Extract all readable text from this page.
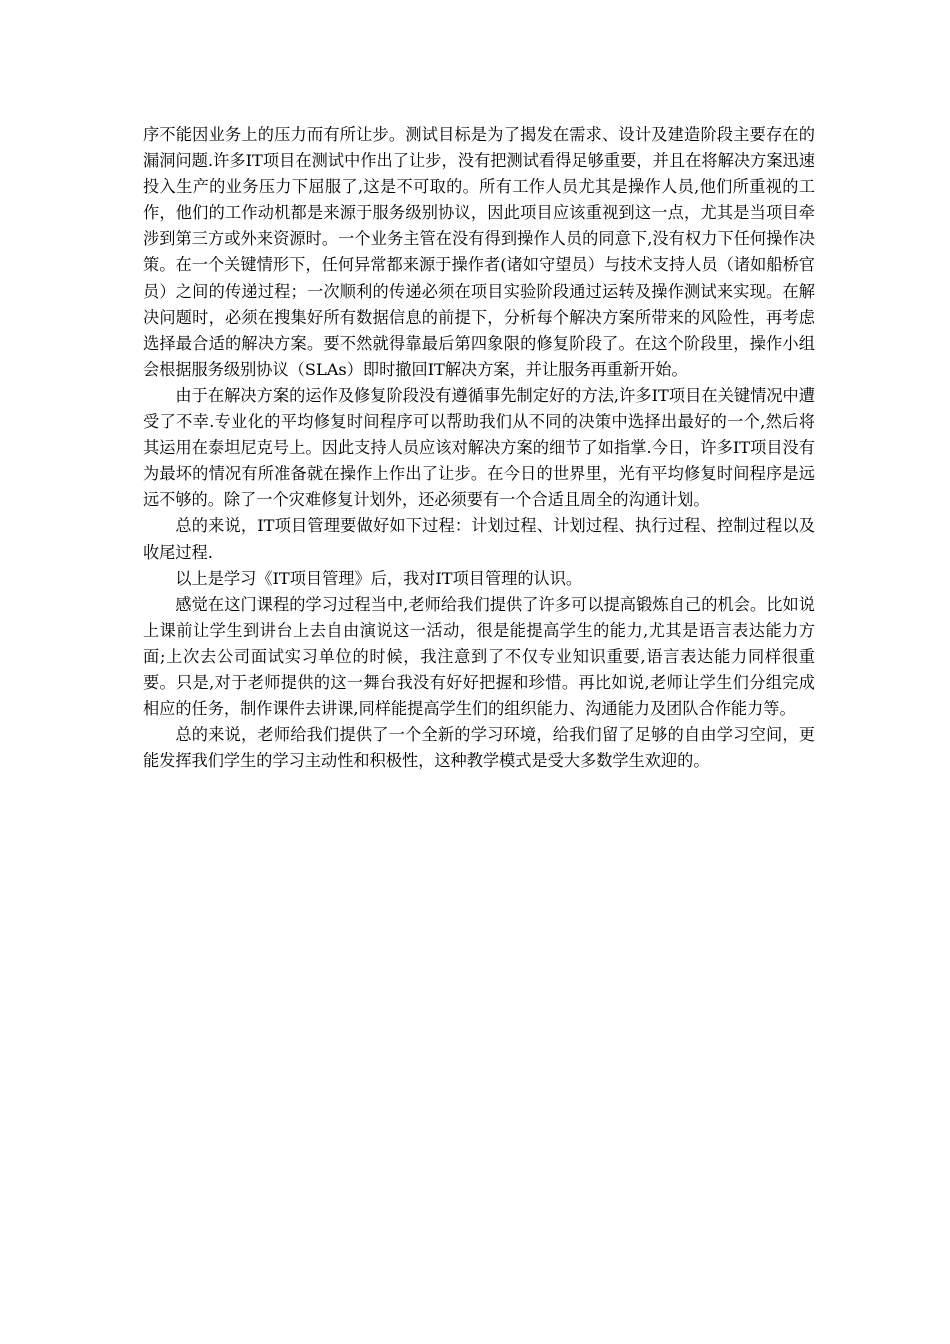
序不能因业务上的压力而有所让步。测试目标是为了揭发在需求、设计及建造阶段主要存在的漏洞问题.许多IT项目在测试中作出了让步，没有把测试看得足够重要，并且在将解决方案迅速投入生产的业务压力下屈服了,这是不可取的。所有工作人员尤其是操作人员,他们所重视的工作，他们的工作动机都是来源于服务级别协议，因此项目应该重视到这一点，尤其是当项目牵涉到第三方或外来资源时。一个业务主管在没有得到操作人员的同意下,没有权力下任何操作决策。在一个关键情形下，任何异常都来源于操作者(诸如守望员）与技术支持人员（诸如船桥官员）之间的传递过程；一次顺利的传递必须在项目实验阶段通过运转及操作测试来实现。在解决问题时，必须在搜集好所有数据信息的前提下，分析每个解决方案所带来的风险性，再考虑选择最合适的解决方案。要不然就得靠最后第四象限的修复阶段了。在这个阶段里，操作小组会根据服务级别协议（SLAs）即时撤回IT解决方案，并让服务再重新开始。

由于在解决方案的运作及修复阶段没有遵循事先制定好的方法,许多IT项目在关键情况中遭受了不幸.专业化的平均修复时间程序可以帮助我们从不同的决策中选择出最好的一个,然后将其运用在泰坦尼克号上。因此支持人员应该对解决方案的细节了如指掌.今日，许多IT项目没有为最坏的情况有所准备就在操作上作出了让步。在今日的世界里，光有平均修复时间程序是远远不够的。除了一个灾难修复计划外，还必须要有一个合适且周全的沟通计划。

总的来说，IT项目管理要做好如下过程：计划过程、计划过程、执行过程、控制过程以及收尾过程.

以上是学习《IT项目管理》后，我对IT项目管理的认识。

感觉在这门课程的学习过程当中,老师给我们提供了许多可以提高锻炼自己的机会。比如说上课前让学生到讲台上去自由演说这一活动，很是能提高学生的能力,尤其是语言表达能力方面;上次去公司面试实习单位的时候，我注意到了不仅专业知识重要,语言表达能力同样很重要。只是,对于老师提供的这一舞台我没有好好把握和珍惜。再比如说,老师让学生们分组完成相应的任务，制作课件去讲课,同样能提高学生们的组织能力、沟通能力及团队合作能力等。

总的来说，老师给我们提供了一个全新的学习环境，给我们留了足够的自由学习空间，更能发挥我们学生的学习主动性和积极性，这种教学模式是受大多数学生欢迎的。
